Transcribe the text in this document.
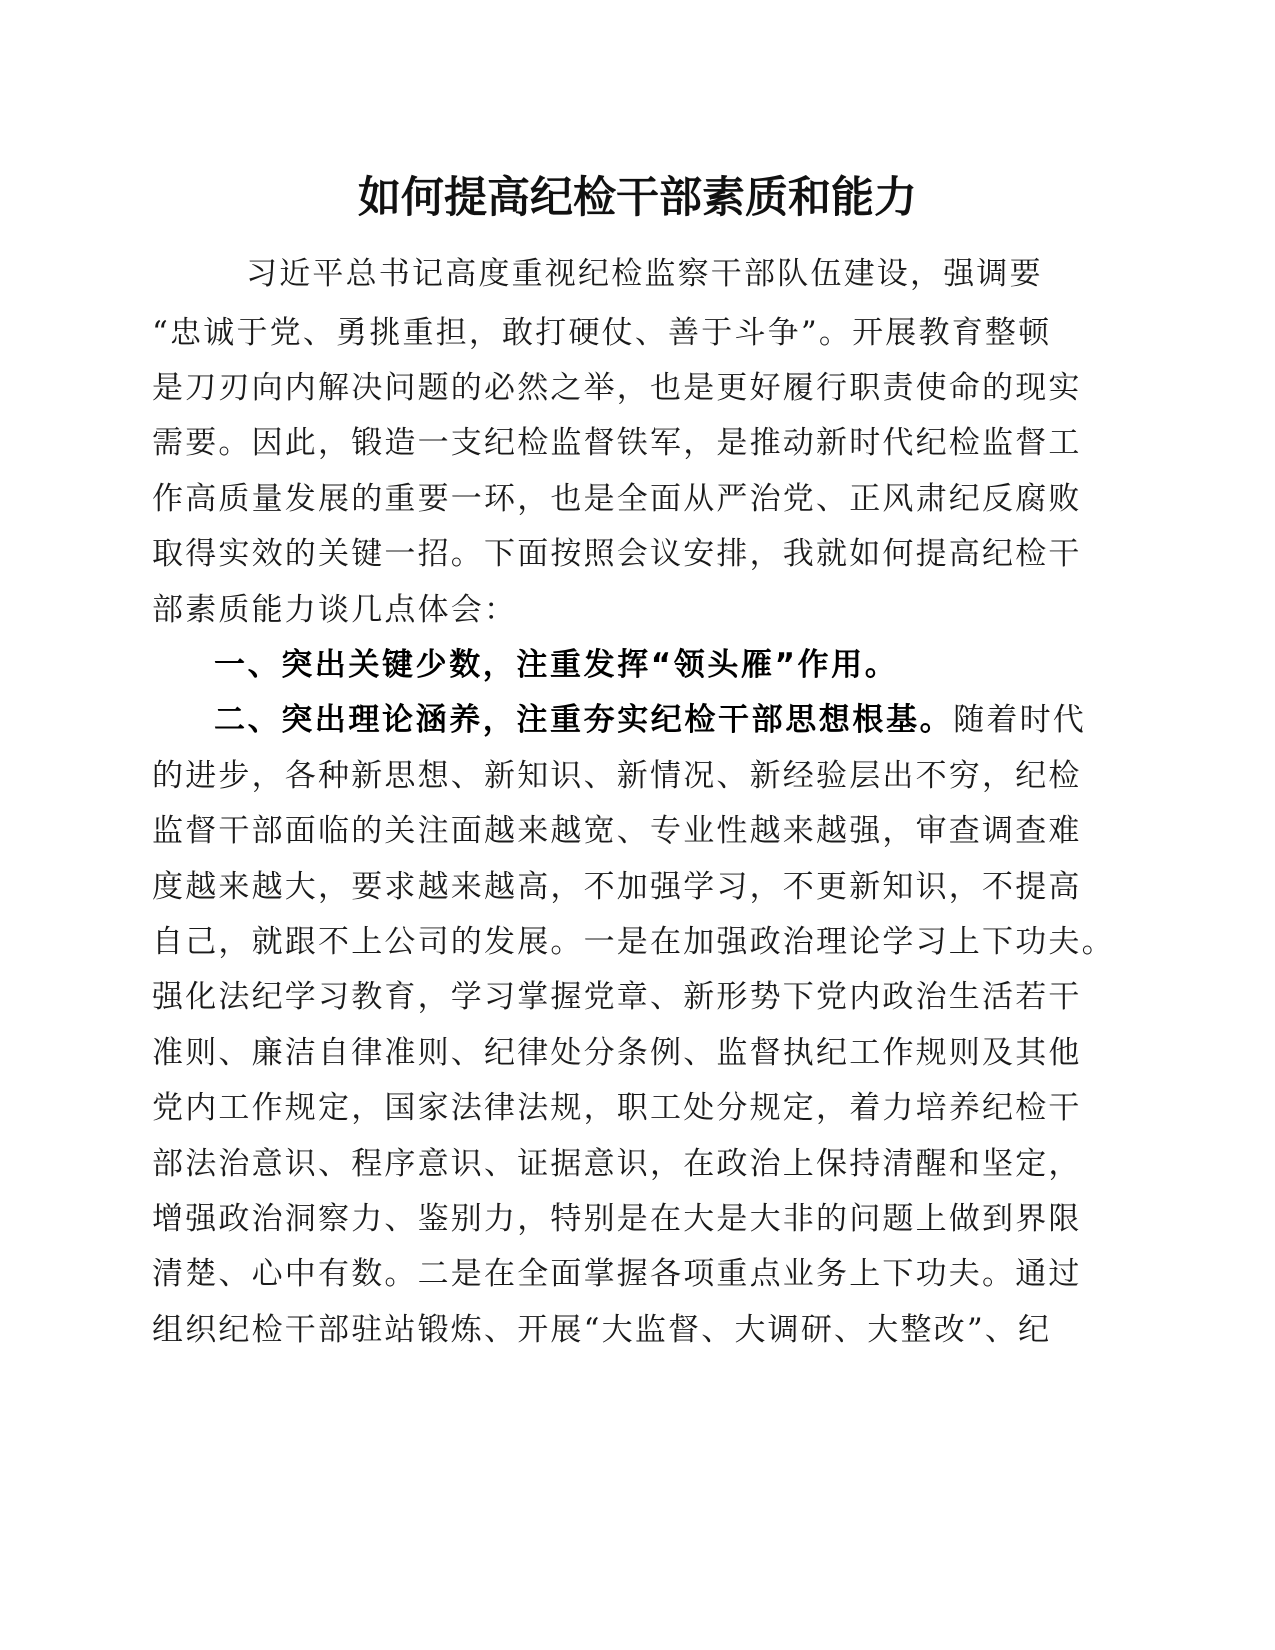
如何提高纪检干部素质和能力
习近平总书记高度重视纪检监察干部队伍建设，强调要
“忠诚于党、勇挑重担，敢打硬仗、善于斗争”。开展教育整顿
是刀刃向内解决问题的必然之举，也是更好履行职责使命的现实
需要。因此，锻造一支纪检监督铁军，是推动新时代纪检监督工
作高质量发展的重要一环，也是全面从严治党、正风肃纪反腐败
取得实效的关键一招。下面按照会议安排，我就如何提高纪检干
部素质能力谈几点体会：
一、突出关键少数，注重发挥“领头雁”作用。
二、突出理论涵养，注重夯实纪检干部思想根基。随着时代
的进步，各种新思想、新知识、新情况、新经验层出不穷，纪检
监督干部面临的关注面越来越宽、专业性越来越强，审查调查难
度越来越大，要求越来越高，不加强学习，不更新知识，不提高
自己，就跟不上公司的发展。一是在加强政治理论学习上下功夫。
强化法纪学习教育，学习掌握党章、新形势下党内政治生活若干
准则、廉洁自律准则、纪律处分条例、监督执纪工作规则及其他
党内工作规定，国家法律法规，职工处分规定，着力培养纪检干
部法治意识、程序意识、证据意识，在政治上保持清醒和坚定，
增强政治洞察力、鉴别力，特别是在大是大非的问题上做到界限
清楚、心中有数。二是在全面掌握各项重点业务上下功夫。通过
组织纪检干部驻站锻炼、开展“大监督、大调研、大整改”、纪
